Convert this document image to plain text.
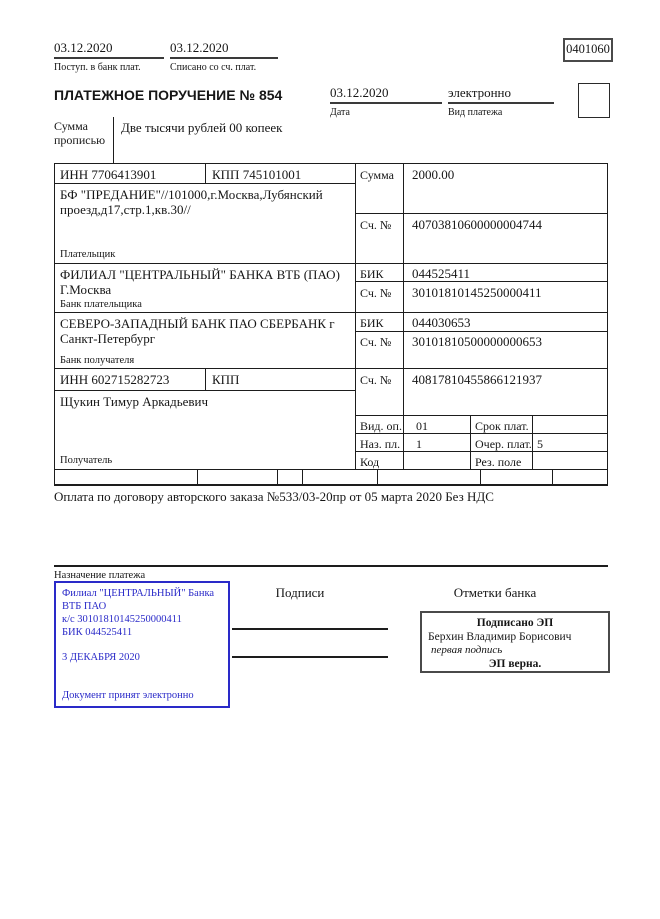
03.12.2020
Поступ. в банк плат.
03.12.2020
Списано со сч. плат.
0401060
ПЛАТЕЖНОЕ ПОРУЧЕНИЕ № 854	03.12.2020
Дата
электронно
Вид платежа
Сумма
прописью
Две тысячи рублей 00 копеек
ИНН 7706413901	КПП 745101001	Сумма 2000.00
БФ "ПРЕДАНИЕ"//101000,г.Москва,Лубянский проезд,д17,стр.1,кв.30//
Сч. № 40703810600000004744
Плательщик
ФИЛИАЛ "ЦЕНТРАЛЬНЫЙ" БАНКА ВТБ (ПАО) Г.Москва
БИК 044525411
Сч. № 30101810145250000411
Банк плательщика
СЕВЕРО-ЗАПАДНЫЙ БАНК ПАО СБЕРБАНК г Санкт-Петербург
БИК 044030653
Сч. № 30101810500000000653
Банк получателя
ИНН 602715282723	КПП	Сч. № 40817810455866121937
Щукин Тимур Аркадьевич
Получатель
Вид. оп. 01	Срок плат.
Наз. пл. 1	Очер. плат. 5
Код	Рез. поле
Оплата по договору авторского заказа №533/03-20пр от 05 марта 2020 Без НДС
Назначение платежа
Филиал "ЦЕНТРАЛЬНЫЙ" Банка
ВТБ ПАО
к/с 30101810145250000411
БИК 044525411
3 ДЕКАБРЯ 2020
Документ принят электронно
Подписи	Отметки банка
Подписано ЭП
Берхин Владимир Борисович
первая подпись
ЭП верна.
